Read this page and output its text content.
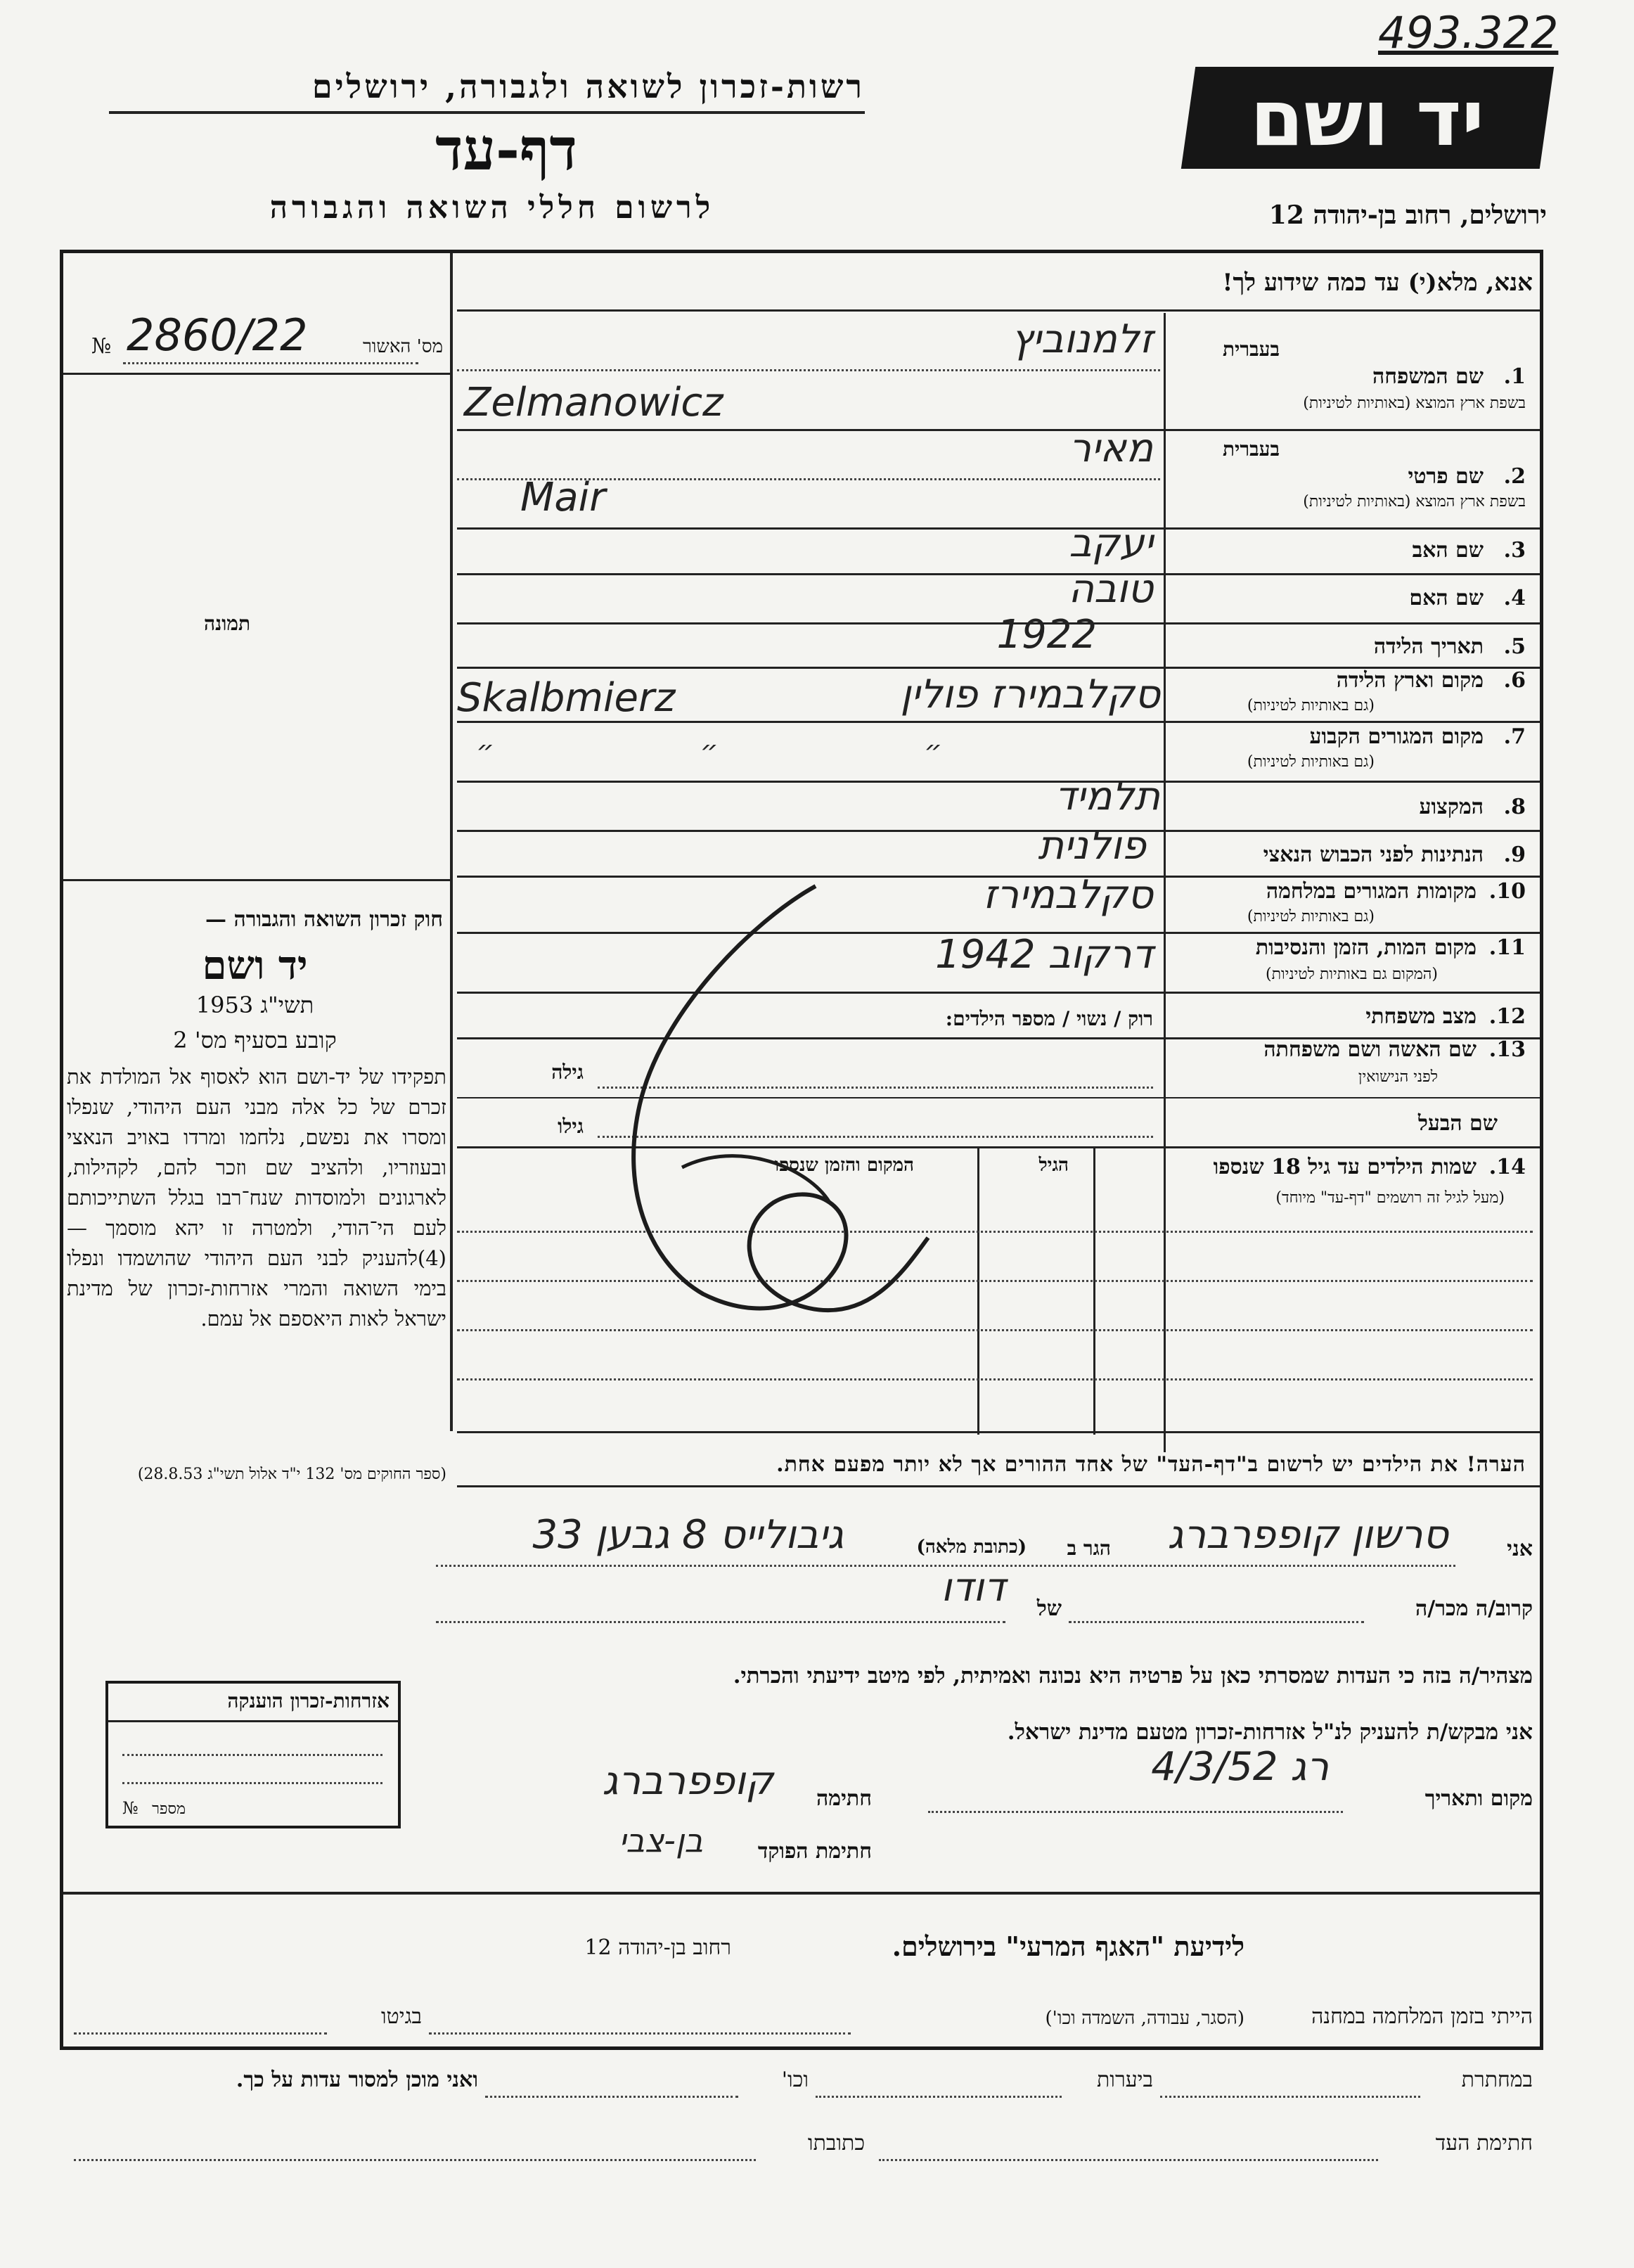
493.322
רשות-זכרון לשואה ולגבורה, ירושלים
דף-עד
לרשום חללי השואה והגבורה
יד ושם
ירושלים, רחוב בן-יהודה 12
2860/22	מס' האשור
№
תמונה
חוק זכרון השואה והגבורה —
יד ושם
תשי"ג 1953
קובע בסעיף מס' 2
תפקידו של יד-ושם הוא לאסוף אל המולדת את זכרם של כל אלה מבני העם היהודי, שנפלו ומסרו את נפשם, נלחמו ומרדו באויב הנאצי ובעוזריו, ולהציב שם וזכר להם, לקהילות, לארגונים ולמוסדות שנח־רבו בגלל השתייכותם לעם הי־הודי, ולמטרה זו יהא מוסמך — (4)להעניק לבני העם היהודי שהושמדו ונפלו בימי השואה והמרי אזרחות-זכרון של מדינת ישראל לאות היאספם אל עמם.
(ספר החוקים מס' 132 י"ד אלול תשי"ג 28.8.53)
אנא, מלא(י) עד כמה שידוע לך!
1.
שם המשפחה
בעברית
בשפת ארץ המוצא (באותיות לטיניות)
זלמנוביץ
Zelmanowicz
בעברית
2.
שם פרטי
בשפת ארץ המוצא (באותיות לטיניות)
מאיר
Mair
3.
שם האב
יעקב
4.
שם האם
טובה
5.
תאריך הלידה
1922
6.
מקום וארץ הלידה
(גם באותיות לטיניות)
סקלבמירז פולין
Skalbmierz
7.
מקום המגורים הקבוע
(גם באותיות לטיניות)
״ ״ ״
8.
המקצוע
תלמיד
9.
הנתינות לפני הכבוש הנאצי
פולנית
10.
מקומות המגורים במלחמה
(גם באותיות לטיניות)
סקלבמירז
11.
מקום המות, הזמן והנסיבות
(המקום גם באותיות לטיניות)
דרקוב 1942
12.
מצב משפחתי
רוק / נשוי / מספר הילדים:
13.
שם האשה ושם משפחתה
לפני הנישואין
גילה
שם הבעל
גילו
14.
שמות הילדים עד גיל 18 שנספו
(מעל לגיל זה רושמים "דף-עד" מיוחד)
הגיל
המקום והזמן שנספו
הערה! את הילדים יש לרשום ב"דף-העד" של אחד ההורים אך לא יותר מפעם אחת.
אני
סרשון קופפרברג
הגר ב
(כתובת מלאה)
גיבולייס 8 גבען 33
קרוב/ה מכר/ה
של
דודו
מצהיר/ה בזה כי העדות שמסרתי כאן על פרטיה היא נכונה ואמיתית, לפי מיטב ידיעתי והכרתי.
אני מבקש/ת להעניק לנ"ל אזרחות-זכרון מטעם מדינת ישראל.
מקום ותאריך
רג 4/3/52
חתימה
קופפרברג
חתימת הפוקד
בן-צבי
אזרחות-זכרון הוענקה
מספר
№
לידיעת "האגף המרעי" בירושלים.
רחוב בן-יהודה 12
הייתי בזמן המלחמה במחנה
(הסגר, עבודה, השמדה וכו')
בגיטו
במחתרת
ביערות
וכו'
ואני מוכן למסור עדות על כך.
חתימת העד
כתובתו
